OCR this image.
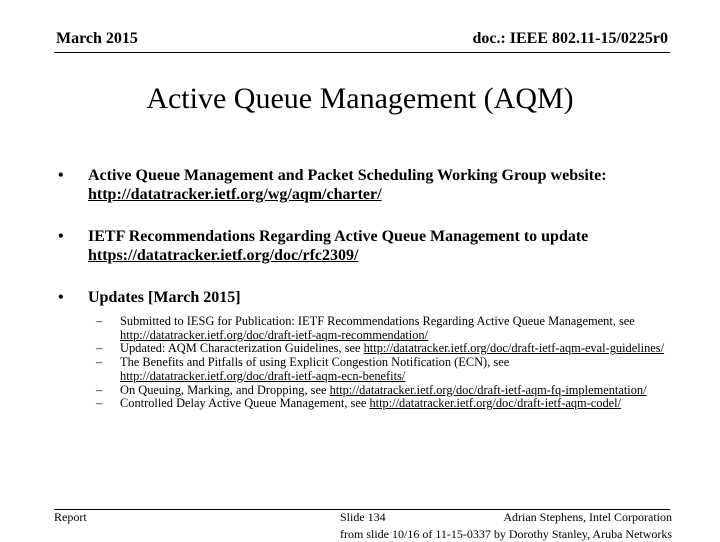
March 2015	doc.: IEEE 802.11-15/0225r0
Active Queue Management (AQM)
• Active Queue Management and Packet Scheduling Working Group website: http://datatracker.ietf.org/wg/aqm/charter/
• IETF Recommendations Regarding Active Queue Management to update https://datatracker.ietf.org/doc/rfc2309/
• Updates [March 2015]
– Submitted to IESG for Publication: IETF Recommendations Regarding Active Queue Management, see http://datatracker.ietf.org/doc/draft-ietf-aqm-recommendation/
– Updated: AQM Characterization Guidelines, see http://datatracker.ietf.org/doc/draft-ietf-aqm-eval-guidelines/
– The Benefits and Pitfalls of using Explicit Congestion Notification (ECN), see http://datatracker.ietf.org/doc/draft-ietf-aqm-ecn-benefits/
– On Queuing, Marking, and Dropping, see http://datatracker.ietf.org/doc/draft-ietf-aqm-fq-implementation/
– Controlled Delay Active Queue Management, see http://datatracker.ietf.org/doc/draft-ietf-aqm-codel/
Report	Slide 134	Adrian Stephens, Intel Corporation
from slide 10/16 of 11-15-0337 by Dorothy Stanley, Aruba Networks
